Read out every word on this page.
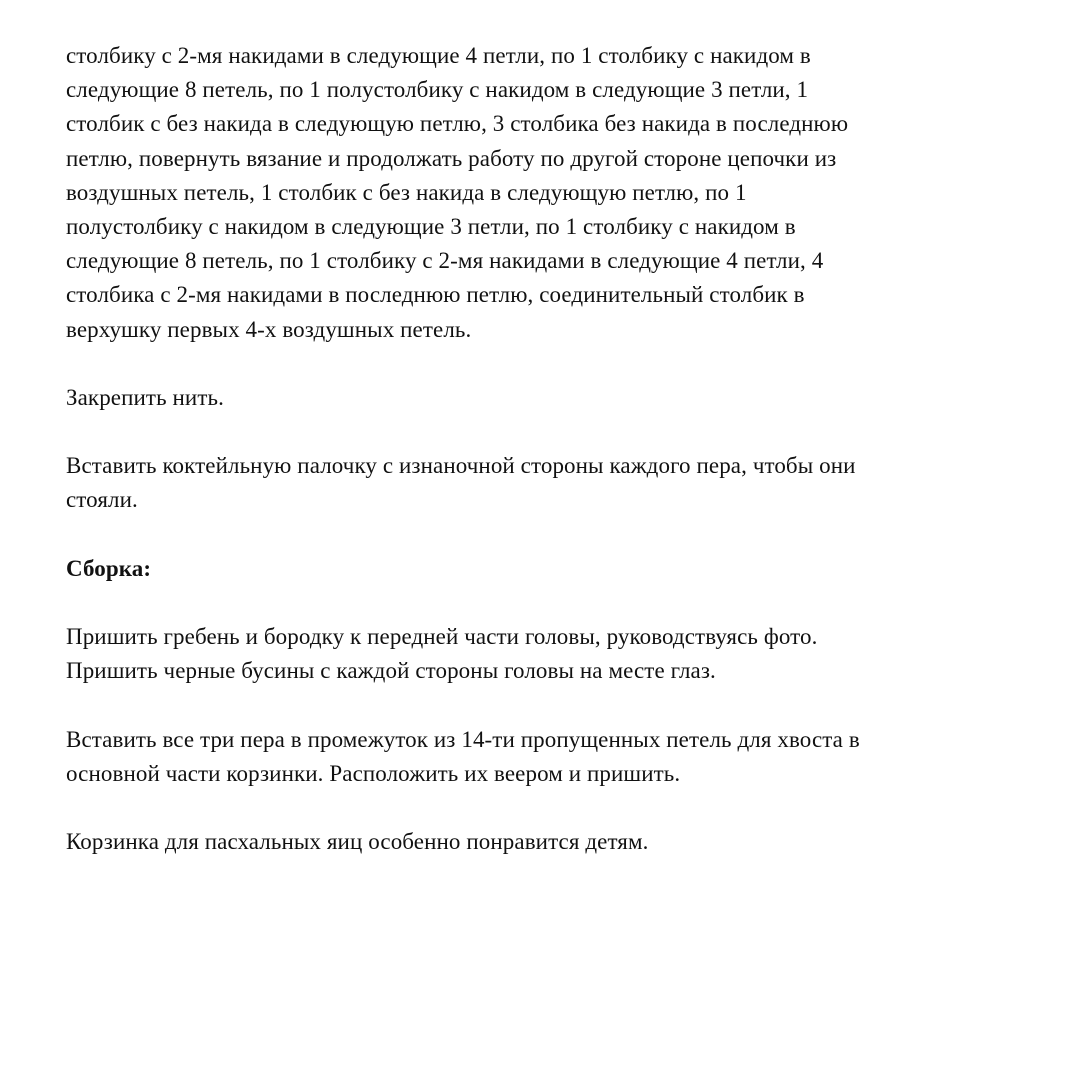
столбику с 2-мя накидами в следующие 4 петли, по 1 столбику с накидом в
следующие 8 петель, по 1 полустолбику с накидом в следующие 3 петли, 1
столбик с без накида в следующую петлю, 3 столбика без накида в последнюю
петлю, повернуть вязание и продолжать работу по другой стороне цепочки из
воздушных петель, 1 столбик с без накида в следующую петлю, по 1
полустолбику с накидом в следующие 3 петли, по 1 столбику с накидом в
следующие 8 петель, по 1 столбику с 2-мя накидами в следующие 4 петли, 4
столбика с 2-мя накидами в последнюю петлю, соединительный столбик в
верхушку первых 4-х воздушных петель.
Закрепить нить.
Вставить коктейльную палочку с изнаночной стороны каждого пера, чтобы они
стояли.
Сборка:
Пришить гребень и бородку к передней части головы, руководствуясь фото.
Пришить черные бусины с каждой стороны головы на месте глаз.
Вставить все три пера в промежуток из 14-ти пропущенных петель для хвоста в
основной части корзинки. Расположить их веером и пришить.
Корзинка для пасхальных яиц особенно понравится детям.
